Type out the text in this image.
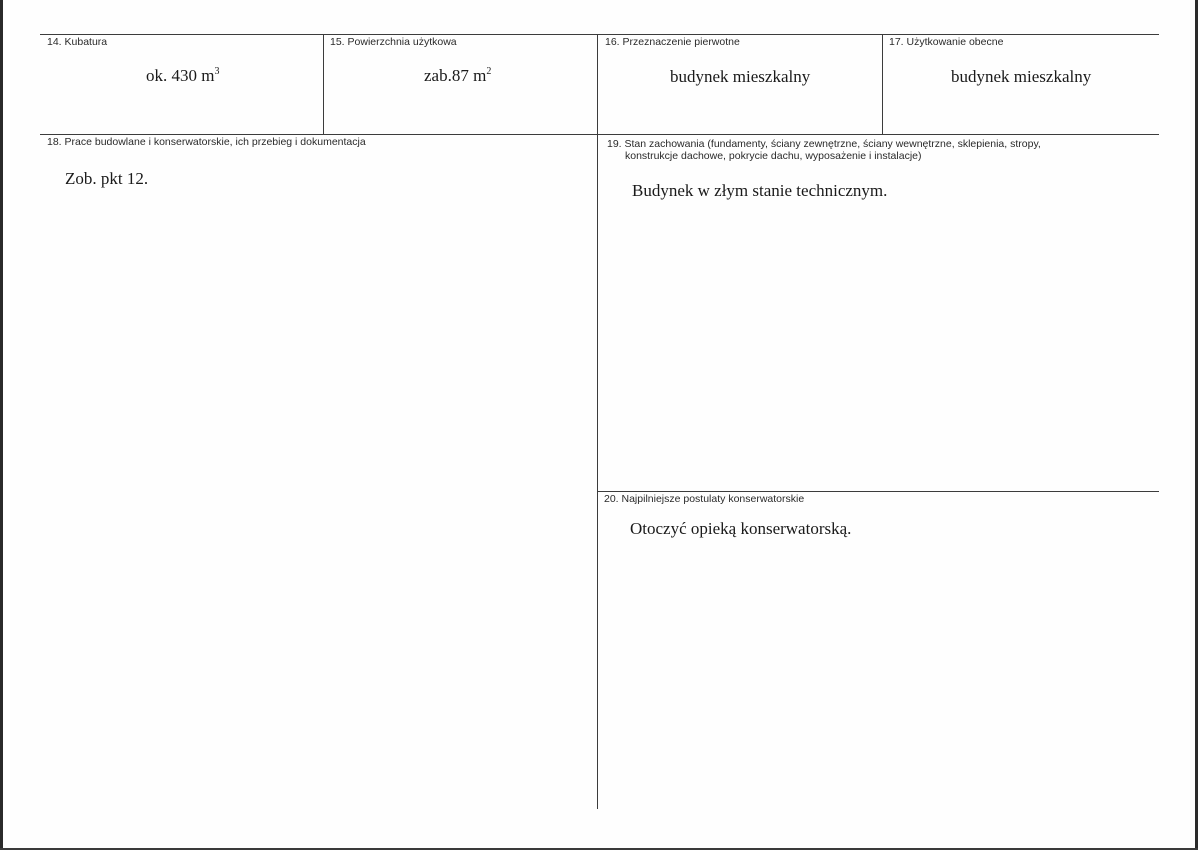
14. Kubatura
ok. 430 $m^3$
15. Powierzchnia użytkowa
zab.87 $m^2$
16. Przeznaczenie pierwotne
budynek mieszkalny
17. Użytkowanie obecne
budynek mieszkalny
18. Prace budowlane i konserwatorskie, ich przebieg i dokumentacja
Zob. pkt 12.
19. Stan zachowania (fundamenty, ściany zewnętrzne, ściany wewnętrzne, sklepienia, stropy,
konstrukcje dachowe, pokrycie dachu, wyposażenie i instalacje)
Budynek w złym stanie technicznym.
20. Najpilniejsze postulaty konserwatorskie
Otoczyć opieką konserwatorską.
